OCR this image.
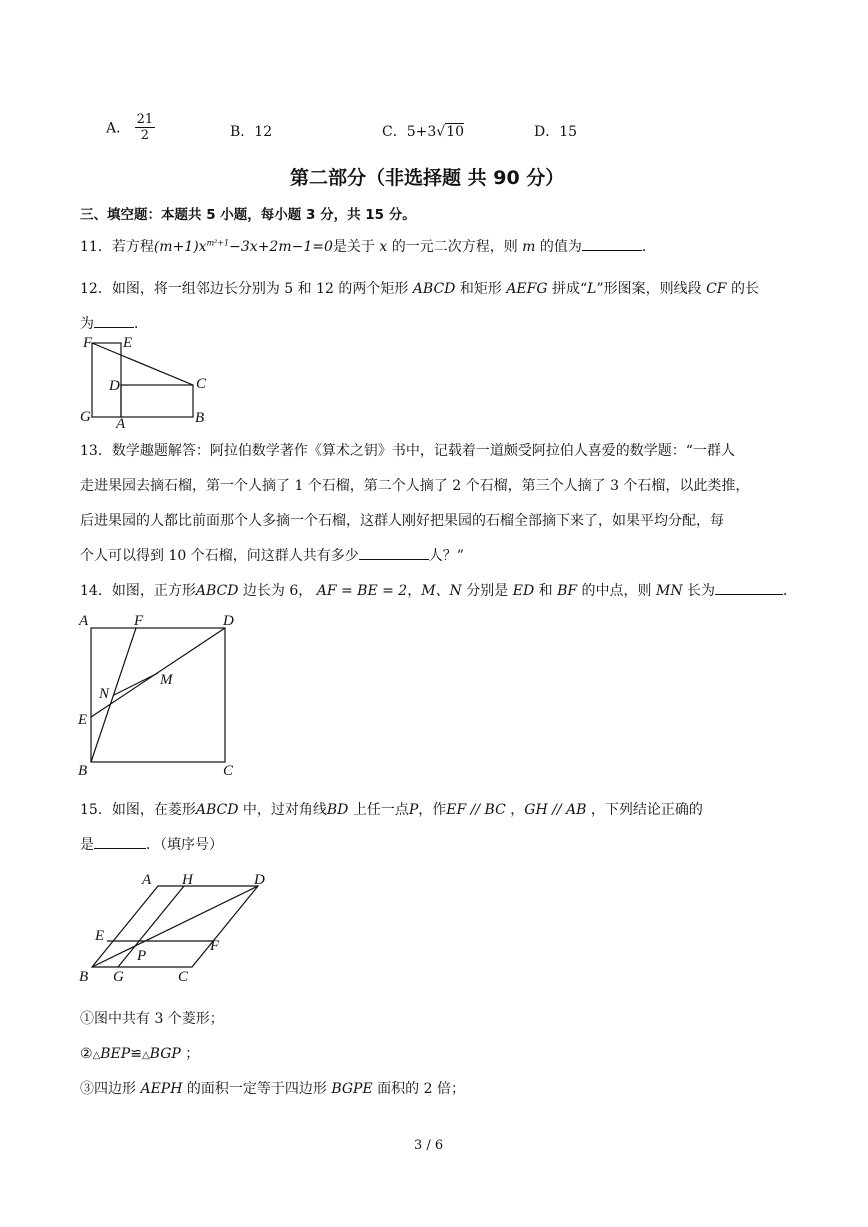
A． $\frac{21}{2}$	B．12	C．5+3√10	D．15
第二部分（非选择题 共 90 分）
三、填空题：本题共 5 小题，每小题 3 分，共 15 分。
11．若方程$(m+1)x^{m^2+1}-3x+2m-1=0$是关于 x 的一元二次方程，则 m 的值为	．
12．如图，将一组邻边长分别为 5 和 12 的两个矩形 ABCD 和矩形 AEFG 拼成“L”形图案，则线段 CF 的长
为	．
F E
D	C
G A	B
13．数学趣题解答：阿拉伯数学著作《算术之钥》书中，记载着一道颇受阿拉伯人喜爱的数学题：“一群人
走进果园去摘石榴，第一个人摘了 1 个石榴，第二个人摘了 2 个石榴，第三个人摘了 3 个石榴，以此类推，
后进果园的人都比前面那个人多摘一个石榴，这群人刚好把果园的石榴全部摘下来了，如果平均分配，每
个人可以得到 10 个石榴，问这群人共有多少	人？”
14．如图，正方形ABCD 边长为 6， AF = BE = 2，M、N 分别是 ED 和 BF 的中点，则 MN 长为	．
A	F	D
N
M
E
B	C
15．如图，在菱形ABCD 中，过对角线BD 上任一点P，作EF // BC ，GH // AB ，下列结论正确的
是	．（填序号）
A H	D
E
P
F
B G	C
①图中共有 3 个菱形；
②△BEP≌△BGP ；
③四边形 AEPH 的面积一定等于四边形 BGPE 面积的 2 倍；
3 / 6
